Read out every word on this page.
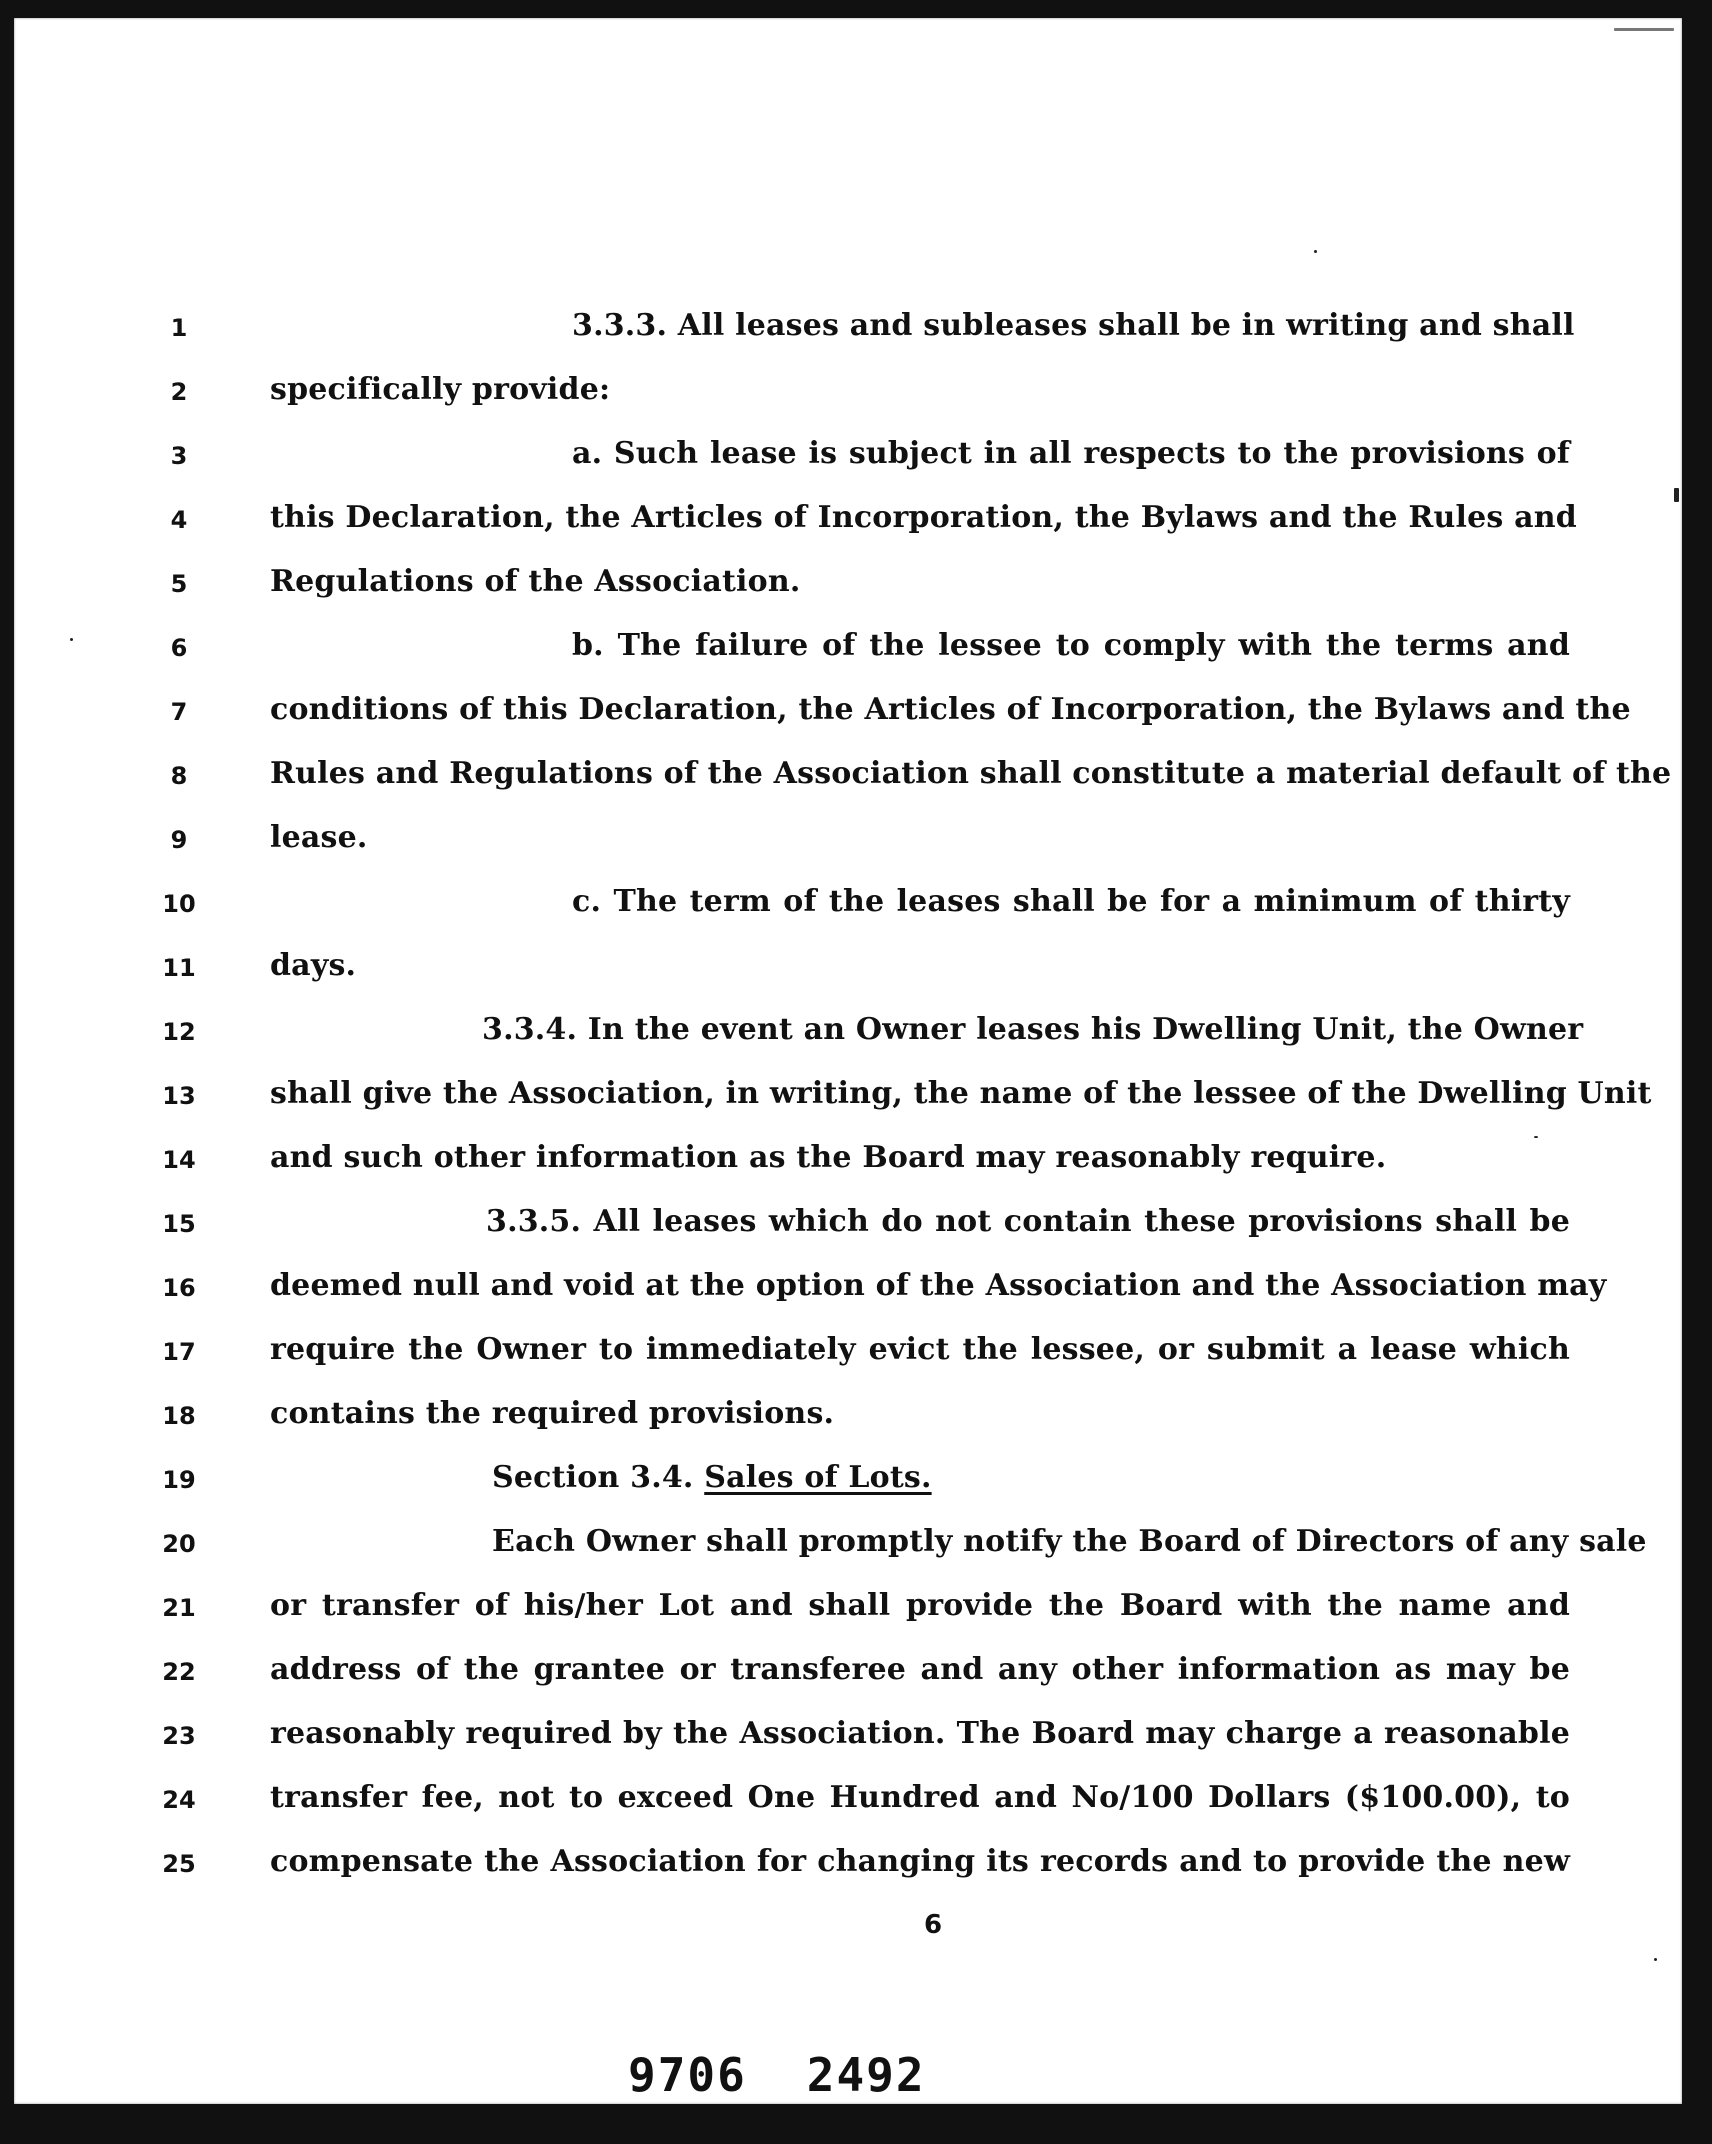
1	3.3.3. All leases and subleases shall be in writing and shall
2	specifically provide:
3	a. Such lease is subject in all respects to the provisions of
4	this Declaration, the Articles of Incorporation, the Bylaws and the Rules and
5	Regulations of the Association.
6	b. The failure of the lessee to comply with the terms and
7	conditions of this Declaration, the Articles of Incorporation, the Bylaws and the
8	Rules and Regulations of the Association shall constitute a material default of the
9	lease.
10	c. The term of the leases shall be for a minimum of thirty
11 days.
12	3.3.4. In the event an Owner leases his Dwelling Unit, the Owner
13 shall give the Association, in writing, the name of the lessee of the Dwelling Unit
14 and such other information as the Board may reasonably require.
15	3.3.5. All leases which do not contain these provisions shall be
16 deemed null and void at the option of the Association and the Association may
17 require the Owner to immediately evict the lessee, or submit a lease which
18 contains the required provisions.
19	Section 3.4. Sales of Lots.
20	Each Owner shall promptly notify the Board of Directors of any sale
21 or transfer of his/her Lot and shall provide the Board with the name and
22 address of the grantee or transferee and any other information as may be
23 reasonably required by the Association. The Board may charge a reasonable
24 transfer fee, not to exceed One Hundred and No/100 Dollars ($100.00), to
25 compensate the Association for changing its records and to provide the new
6
9706 2492
